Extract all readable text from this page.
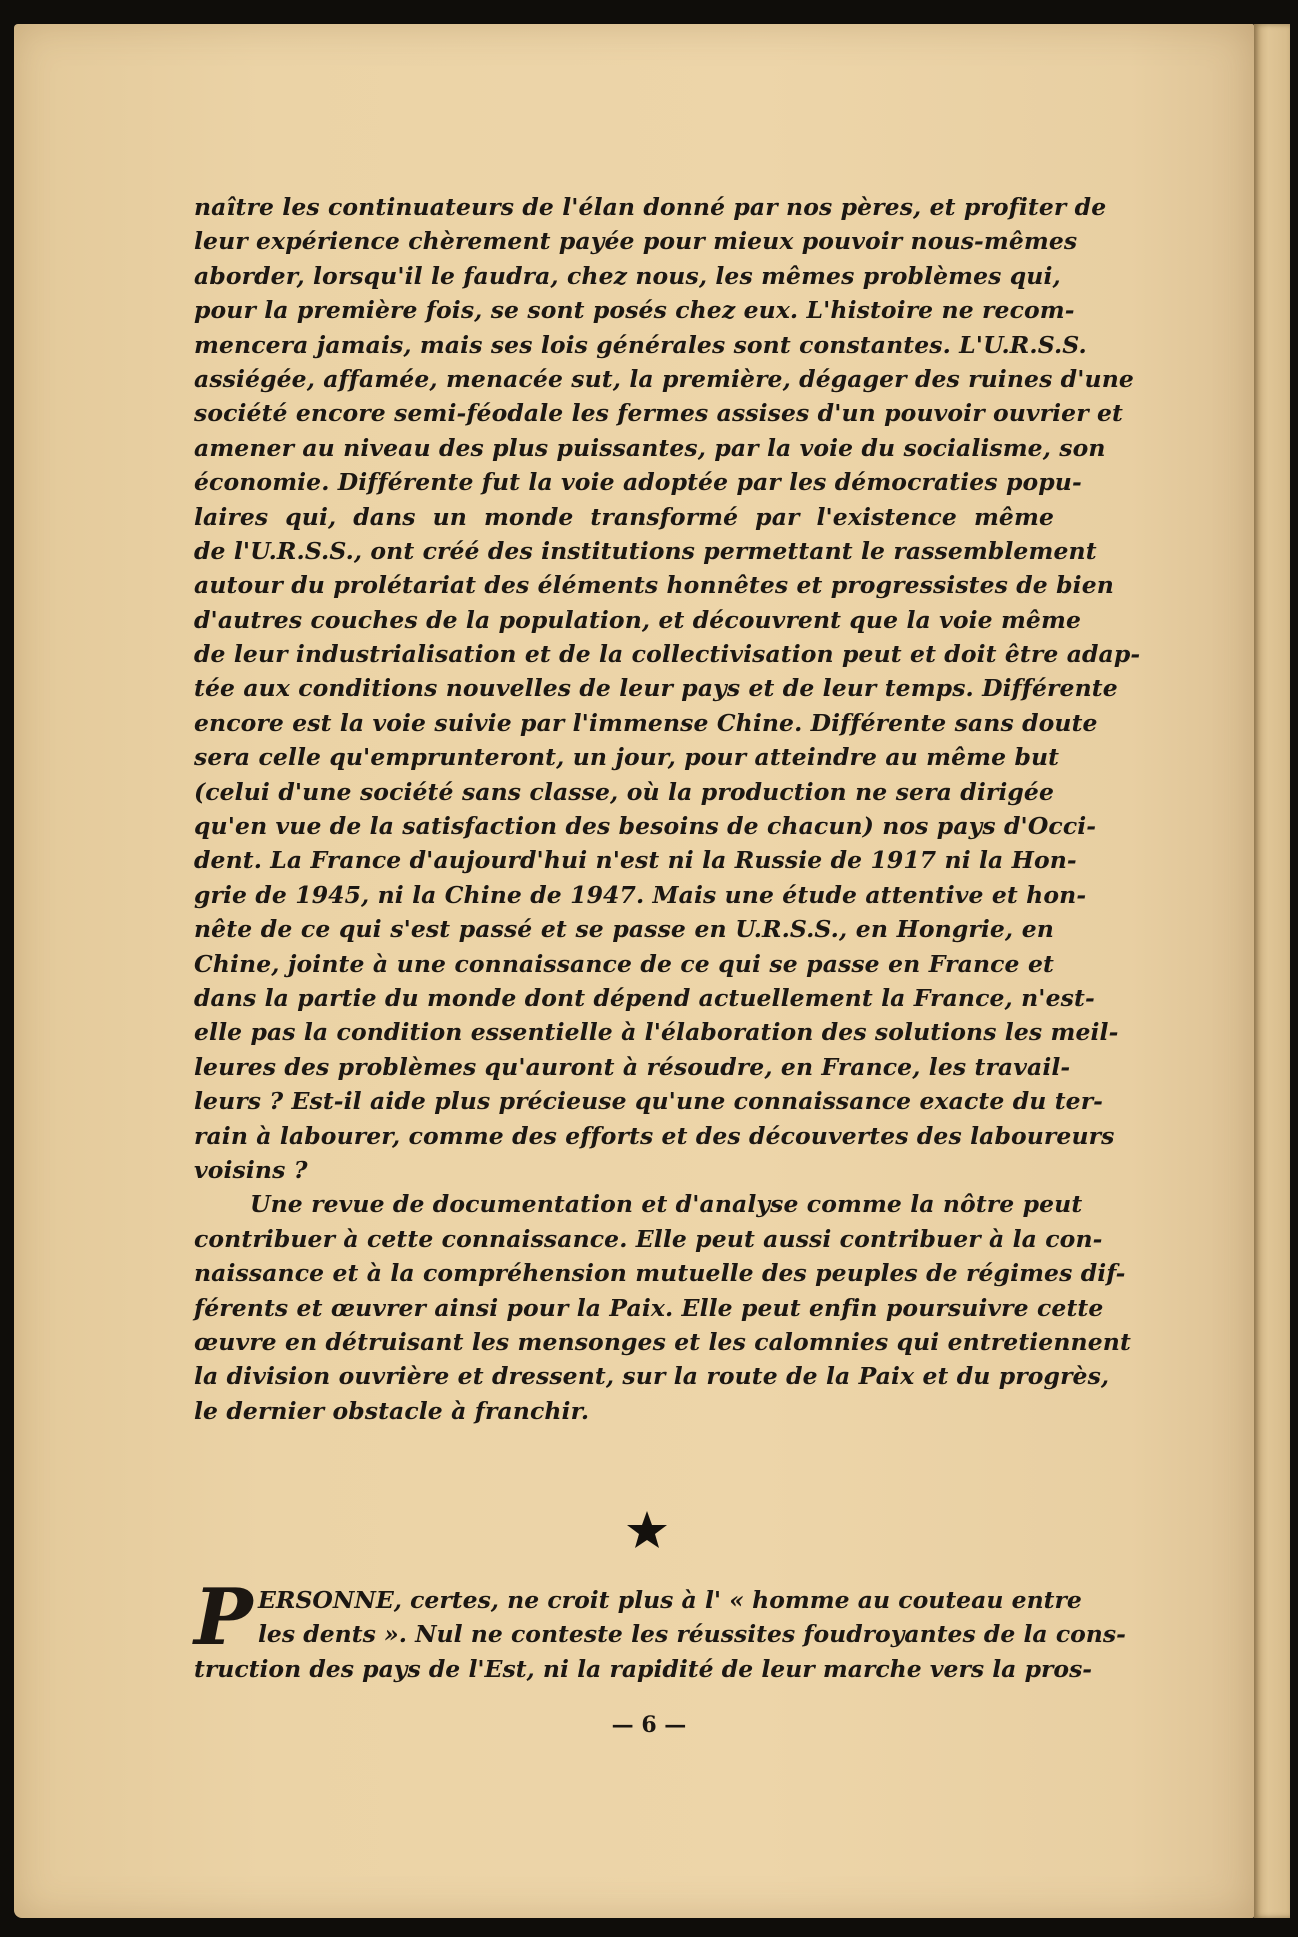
naître les continuateurs de l'élan donné par nos pères, et profiter de
leur expérience chèrement payée pour mieux pouvoir nous-mêmes
aborder, lorsqu'il le faudra, chez nous, les mêmes problèmes qui,
pour la première fois, se sont posés chez eux. L'histoire ne recom-
mencera jamais, mais ses lois générales sont constantes. L'U.R.S.S.
assiégée, affamée, menacée sut, la première, dégager des ruines d'une
société encore semi-féodale les fermes assises d'un pouvoir ouvrier et
amener au niveau des plus puissantes, par la voie du socialisme, son
économie. Différente fut la voie adoptée par les démocraties popu-
laires qui, dans un monde transformé par l'existence même
de l'U.R.S.S., ont créé des institutions permettant le rassemblement
autour du prolétariat des éléments honnêtes et progressistes de bien
d'autres couches de la population, et découvrent que la voie même
de leur industrialisation et de la collectivisation peut et doit être adap-
tée aux conditions nouvelles de leur pays et de leur temps. Différente
encore est la voie suivie par l'immense Chine. Différente sans doute
sera celle qu'emprunteront, un jour, pour atteindre au même but
(celui d'une société sans classe, où la production ne sera dirigée
qu'en vue de la satisfaction des besoins de chacun) nos pays d'Occi-
dent. La France d'aujourd'hui n'est ni la Russie de 1917 ni la Hon-
grie de 1945, ni la Chine de 1947. Mais une étude attentive et hon-
nête de ce qui s'est passé et se passe en U.R.S.S., en Hongrie, en
Chine, jointe à une connaissance de ce qui se passe en France et
dans la partie du monde dont dépend actuellement la France, n'est-
elle pas la condition essentielle à l'élaboration des solutions les meil-
leures des problèmes qu'auront à résoudre, en France, les travail-
leurs ? Est-il aide plus précieuse qu'une connaissance exacte du ter-
rain à labourer, comme des efforts et des découvertes des laboureurs
voisins ?

Une revue de documentation et d'analyse comme la nôtre peut
contribuer à cette connaissance. Elle peut aussi contribuer à la con-
naissance et à la compréhension mutuelle des peuples de régimes dif-
férents et œuvrer ainsi pour la Paix. Elle peut enfin poursuivre cette
œuvre en détruisant les mensonges et les calomnies qui entretiennent
la division ouvrière et dressent, sur la route de la Paix et du progrès,
le dernier obstacle à franchir.

P ERSONNE, certes, ne croit plus à l' « homme au couteau entre
les dents ». Nul ne conteste les réussites foudroyantes de la cons-
truction des pays de l'Est, ni la rapidité de leur marche vers la pros-
— 6 —
